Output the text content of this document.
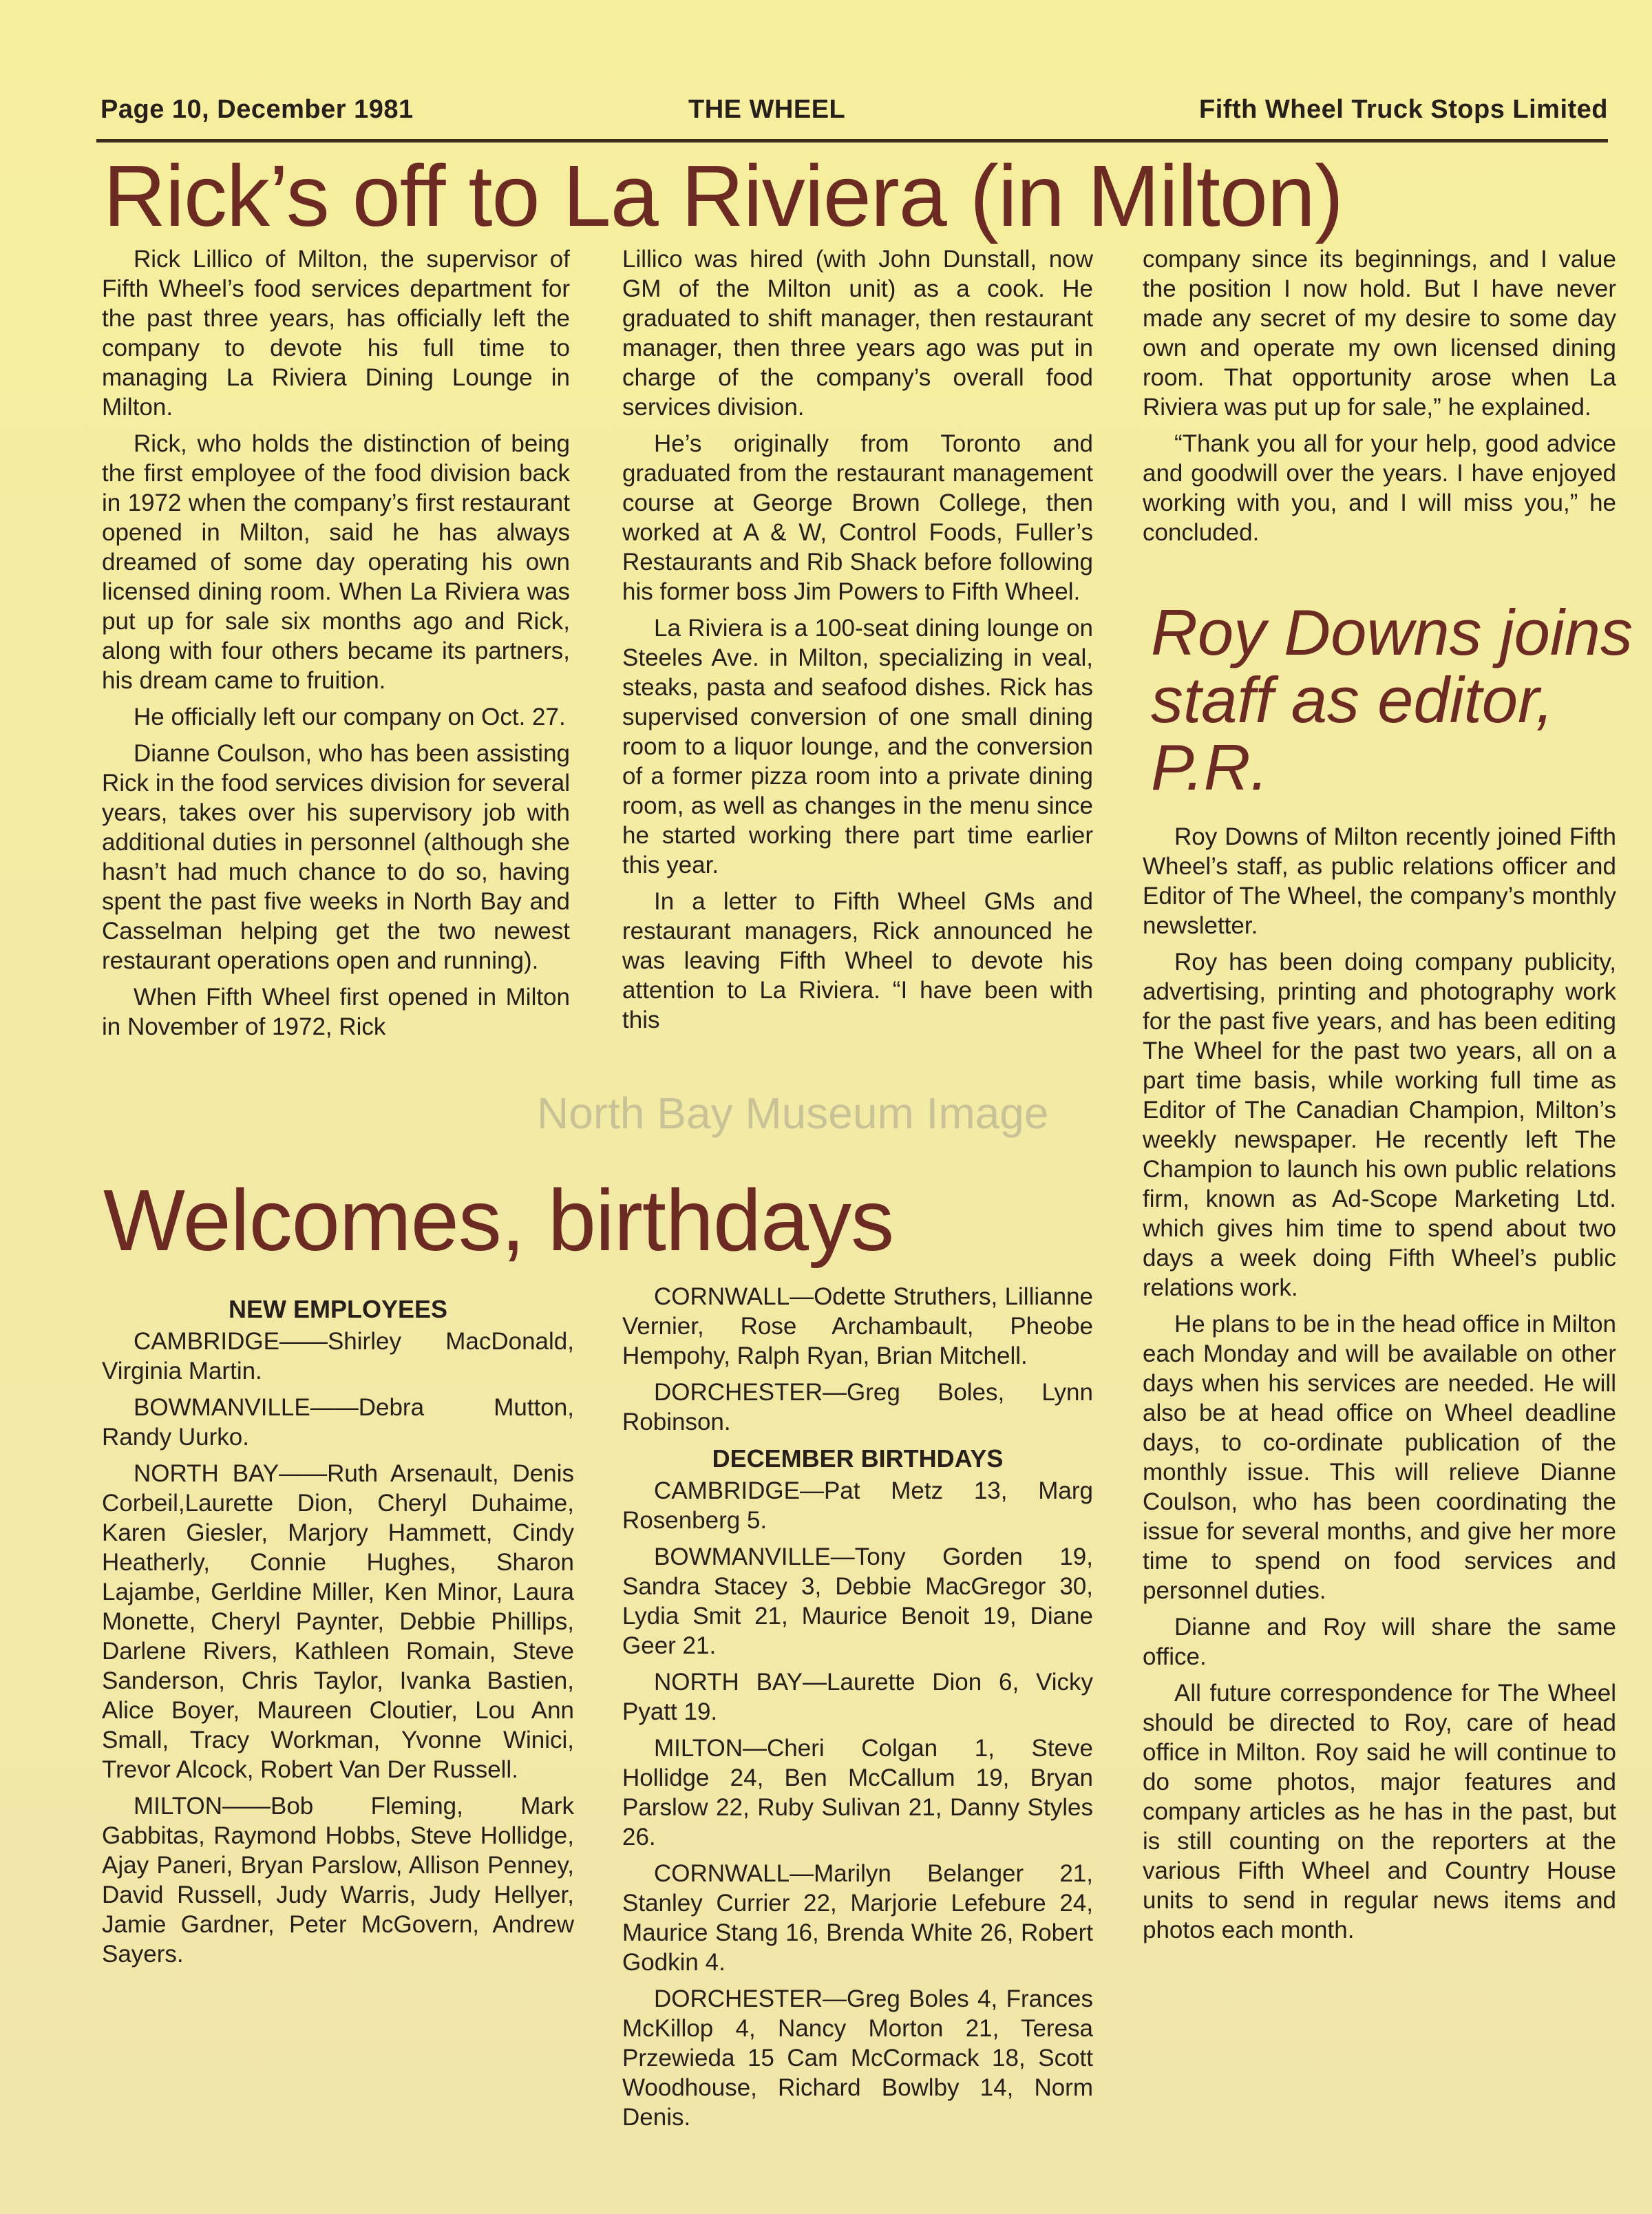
Page 10, December 1981	THE WHEEL	Fifth Wheel Truck Stops Limited
Rick’s off to La Riviera (in Milton)

Rick Lillico of Milton, the supervisor of Fifth Wheel’s food services department for the past three years, has officially left the company to devote his full time to managing La Riviera Dining Lounge in Milton.

Rick, who holds the distinction of being the first employee of the food division back in 1972 when the company’s first restaurant opened in Milton, said he has always dreamed of some day operating his own licensed dining room. When La Riviera was put up for sale six months ago and Rick, along with four others became its partners, his dream came to fruition.

He officially left our company on Oct. 27.

Dianne Coulson, who has been assisting Rick in the food services division for several years, takes over his supervisory job with additional duties in personnel (although she hasn’t had much chance to do so, having spent the past five weeks in North Bay and Casselman helping get the two newest restaurant operations open and running).

When Fifth Wheel first opened in Milton in November of 1972, Rick

Lillico was hired (with John Dunstall, now GM of the Milton unit) as a cook. He graduated to shift manager, then restaurant manager, then three years ago was put in charge of the company’s overall food services division.

He’s originally from Toronto and graduated from the restaurant management course at George Brown College, then worked at A & W, Control Foods, Fuller’s Restaurants and Rib Shack before following his former boss Jim Powers to Fifth Wheel.

La Riviera is a 100-seat dining lounge on Steeles Ave. in Milton, specializing in veal, steaks, pasta and seafood dishes. Rick has supervised conversion of one small dining room to a liquor lounge, and the conversion of a former pizza room into a private dining room, as well as changes in the menu since he started working there part time earlier this year.

In a letter to Fifth Wheel GMs and restaurant managers, Rick announced he was leaving Fifth Wheel to devote his attention to La Riviera. “I have been with this

company since its beginnings, and I value the position I now hold. But I have never made any secret of my desire to some day own and operate my own licensed dining room. That opportunity arose when La Riviera was put up for sale,” he explained.

“Thank you all for your help, good advice and goodwill over the years. I have enjoyed working with you, and I will miss you,” he concluded.

Roy Downs joins staff as editor, P.R.

Roy Downs of Milton recently joined Fifth Wheel’s staff, as public relations officer and Editor of The Wheel, the company’s monthly newsletter.

Roy has been doing company publicity, advertising, printing and photography work for the past five years, and has been editing The Wheel for the past two years, all on a part time basis, while working full time as Editor of The Canadian Champion, Milton’s weekly newspaper. He recently left The Champion to launch his own public relations firm, known as Ad-Scope Marketing Ltd. which gives him time to spend about two days a week doing Fifth Wheel’s public relations work.

He plans to be in the head office in Milton each Monday and will be available on other days when his services are needed. He will also be at head office on Wheel deadline days, to co-ordinate publication of the monthly issue. This will relieve Dianne Coulson, who has been coordinating the issue for several months, and give her more time to spend on food services and personnel duties.

Dianne and Roy will share the same office.

All future correspondence for The Wheel should be directed to Roy, care of head office in Milton. Roy said he will continue to do some photos, major features and company articles as he has in the past, but is still counting on the reporters at the various Fifth Wheel and Country House units to send in regular news items and photos each month.

Welcomes, birthdays

NEW EMPLOYEES

CAMBRIDGE——Shirley MacDonald, Virginia Martin.

BOWMANVILLE——Debra Mutton, Randy Uurko.

NORTH BAY——Ruth Arsenault, Denis Corbeil,Laurette Dion, Cheryl Duhaime, Karen Giesler, Marjory Hammett, Cindy Heatherly, Connie Hughes, Sharon Lajambe, Gerldine Miller, Ken Minor, Laura Monette, Cheryl Paynter, Debbie Phillips, Darlene Rivers, Kathleen Romain, Steve Sanderson, Chris Taylor, Ivanka Bastien, Alice Boyer, Maureen Cloutier, Lou Ann Small, Tracy Workman, Yvonne Winici, Trevor Alcock, Robert Van Der Russell.

MILTON——Bob Fleming, Mark Gabbitas, Raymond Hobbs, Steve Hollidge, Ajay Paneri, Bryan Parslow, Allison Penney, David Russell, Judy Warris, Judy Hellyer, Jamie Gardner, Peter McGovern, Andrew Sayers.

CORNWALL—Odette Struthers, Lillianne Vernier, Rose Archambault, Pheobe Hempohy, Ralph Ryan, Brian Mitchell.

DORCHESTER—Greg Boles, Lynn Robinson.

DECEMBER BIRTHDAYS

CAMBRIDGE—Pat Metz 13, Marg Rosenberg 5.

BOWMANVILLE—Tony Gorden 19, Sandra Stacey 3, Debbie MacGregor 30, Lydia Smit 21, Maurice Benoit 19, Diane Geer 21.

NORTH BAY—Laurette Dion 6, Vicky Pyatt 19.

MILTON—Cheri Colgan 1, Steve Hollidge 24, Ben McCallum 19, Bryan Parslow 22, Ruby Sulivan 21, Danny Styles 26.

CORNWALL—Marilyn Belanger 21, Stanley Currier 22, Marjorie Lefebure 24, Maurice Stang 16, Brenda White 26, Robert Godkin 4.

DORCHESTER—Greg Boles 4, Frances McKillop 4, Nancy Morton 21, Teresa Przewieda 15 Cam McCormack 18, Scott Woodhouse, Richard Bowlby 14, Norm Denis.

North Bay Museum Image
